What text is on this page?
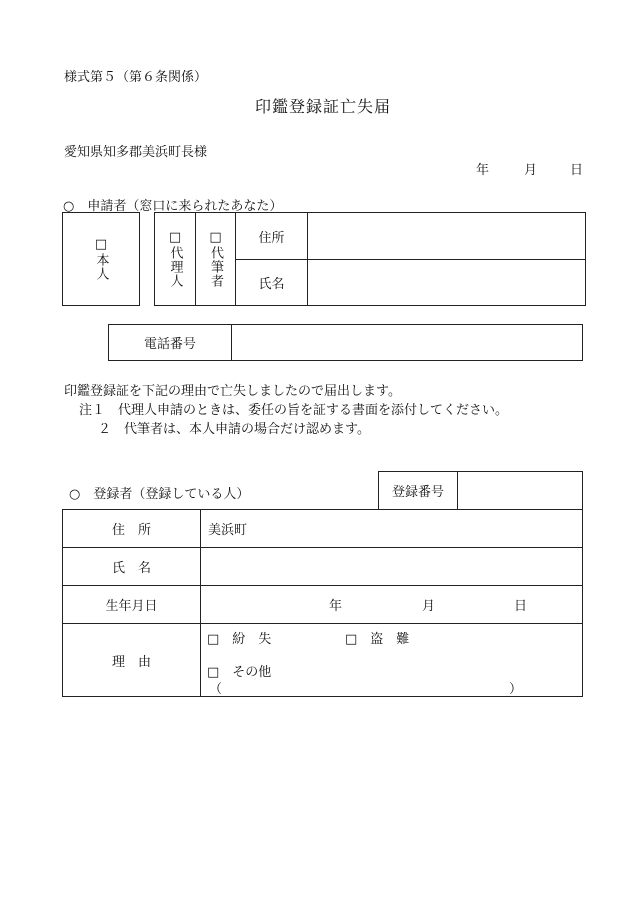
様式第５（第６条関係）
印鑑登録証亡失届
愛知県知多郡美浜町長様
年	月	日
○　申請者（窓口に来られたあなた）
□本人	□代理人 □代筆者	住所
氏名
電話番号
印鑑登録証を下記の理由で亡失しましたので届出します。
注１　代理人申請のときは、委任の旨を証する書面を添付してください。
２　代筆者は、本人申請の場合だけ認めます。
○　登録者（登録している人）	登録番号
住　所	美浜町
氏　名
生年月日	年	月	日
理　由
□　紛　失	□　盗　難
□　その他
（	）
